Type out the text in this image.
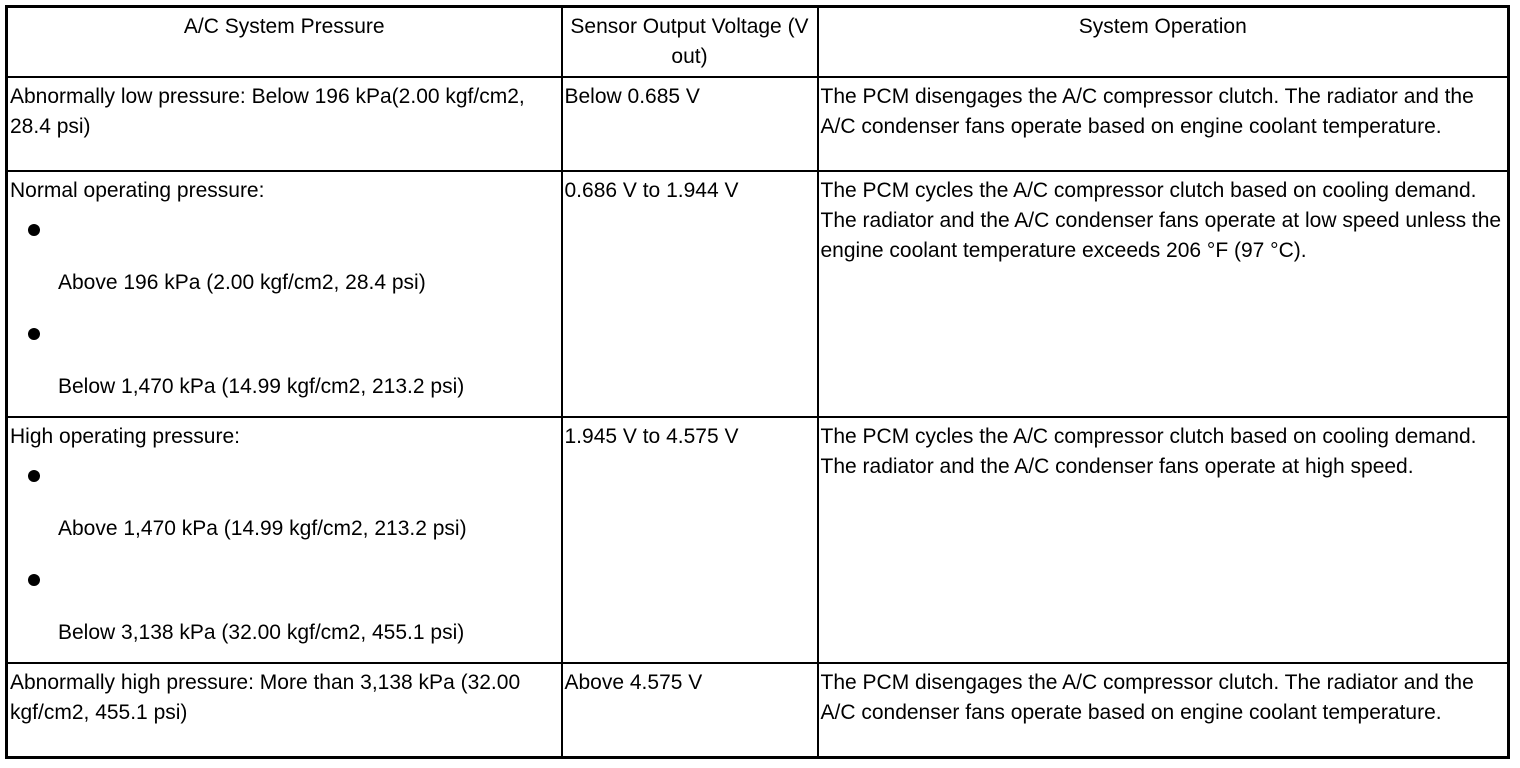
A/C System Pressure	Sensor Output Voltage (V out)	System Operation
Abnormally low pressure: Below 196 kPa(2.00 kgf/cm2, 28.4 psi)	Below 0.685 V	The PCM disengages the A/C compressor clutch. The radiator and the A/C condenser fans operate based on engine coolant temperature.

Normal operating pressure:
Above 196 kPa (2.00 kgf/cm2, 28.4 psi)
Below 1,470 kPa (14.99 kgf/cm2, 213.2 psi)	0.686 V to 1.944 V	The PCM cycles the A/C compressor clutch based on cooling demand. The radiator and the A/C condenser fans operate at low speed unless the engine coolant temperature exceeds 206 °F (97 °C).

High operating pressure:
Above 1,470 kPa (14.99 kgf/cm2, 213.2 psi)
Below 3,138 kPa (32.00 kgf/cm2, 455.1 psi)	1.945 V to 4.575 V	The PCM cycles the A/C compressor clutch based on cooling demand. The radiator and the A/C condenser fans operate at high speed.
Abnormally high pressure: More than 3,138 kPa (32.00 kgf/cm2, 455.1 psi)	Above 4.575 V	The PCM disengages the A/C compressor clutch. The radiator and the A/C condenser fans operate based on engine coolant temperature.
